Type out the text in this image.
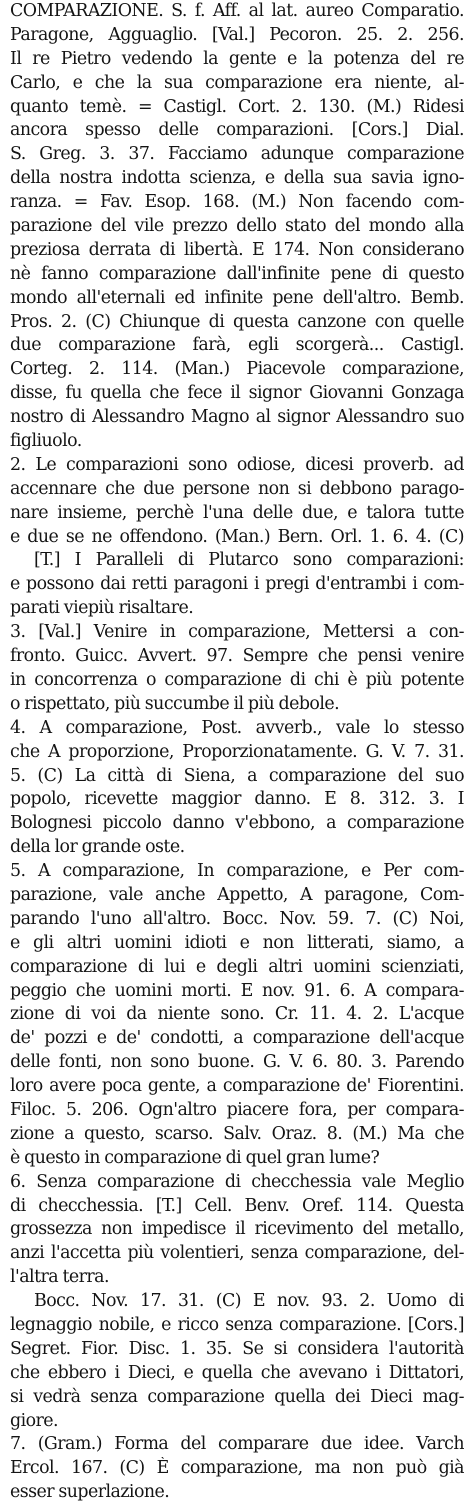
COMPARAZIONE. S. f. Aff. al lat. aureo Comparatio.
Paragone, Agguaglio. [Val.] Pecoron. 25. 2. 256.
Il re Pietro vedendo la gente e la potenza del re
Carlo, e che la sua comparazione era niente, al-
quanto temè. = Castigl. Cort. 2. 130. (M.) Ridesi
ancora spesso delle comparazioni. [Cors.] Dial.
S. Greg. 3. 37. Facciamo adunque comparazione
della nostra indotta scienza, e della sua savia igno-
ranza. = Fav. Esop. 168. (M.) Non facendo com-
parazione del vile prezzo dello stato del mondo alla
preziosa derrata di libertà. E 174. Non considerano
nè fanno comparazione dall'infinite pene di questo
mondo all'eternali ed infinite pene dell'altro. Bemb.
Pros. 2. (C) Chiunque di questa canzone con quelle
due comparazione farà, egli scorgerà... Castigl.
Corteg. 2. 114. (Man.) Piacevole comparazione,
disse, fu quella che fece il signor Giovanni Gonzaga
nostro di Alessandro Magno al signor Alessandro suo
figliuolo.
2. Le comparazioni sono odiose, dicesi proverb. ad
accennare che due persone non si debbono parago-
nare insieme, perchè l'una delle due, e talora tutte
e due se ne offendono. (Man.) Bern. Orl. 1. 6. 4. (C)
[T.] I Paralleli di Plutarco sono comparazioni:
e possono dai retti paragoni i pregi d'entrambi i com-
parati viepiù risaltare.
3. [Val.] Venire in comparazione, Mettersi a con-
fronto. Guicc. Avvert. 97. Sempre che pensi venire
in concorrenza o comparazione di chi è più potente
o rispettato, più succumbe il più debole.
4. A comparazione, Post. avverb., vale lo stesso
che A proporzione, Proporzionatamente. G. V. 7. 31.
5. (C) La città di Siena, a comparazione del suo
popolo, ricevette maggior danno. E 8. 312. 3. I
Bolognesi piccolo danno v'ebbono, a comparazione
della lor grande oste.
5. A comparazione, In comparazione, e Per com-
parazione, vale anche Appetto, A paragone, Com-
parando l'uno all'altro. Bocc. Nov. 59. 7. (C) Noi,
e gli altri uomini idioti e non litterati, siamo, a
comparazione di lui e degli altri uomini scienziati,
peggio che uomini morti. E nov. 91. 6. A compara-
zione di voi da niente sono. Cr. 11. 4. 2. L'acque
de' pozzi e de' condotti, a comparazione dell'acque
delle fonti, non sono buone. G. V. 6. 80. 3. Parendo
loro avere poca gente, a comparazione de' Fiorentini.
Filoc. 5. 206. Ogn'altro piacere fora, per compara-
zione a questo, scarso. Salv. Oraz. 8. (M.) Ma che
è questo in comparazione di quel gran lume?
6. Senza comparazione di checchessia vale Meglio
di checchessia. [T.] Cell. Benv. Oref. 114. Questa
grossezza non impedisce il ricevimento del metallo,
anzi l'accetta più volentieri, senza comparazione, del-
l'altra terra.
Bocc. Nov. 17. 31. (C) E nov. 93. 2. Uomo di
legnaggio nobile, e ricco senza comparazione. [Cors.]
Segret. Fior. Disc. 1. 35. Se si considera l'autorità
che ebbero i Dieci, e quella che avevano i Dittatori,
si vedrà senza comparazione quella dei Dieci mag-
giore.
7. (Gram.) Forma del comparare due idee. Varch
Ercol. 167. (C) È comparazione, ma non può già
esser superlazione.
